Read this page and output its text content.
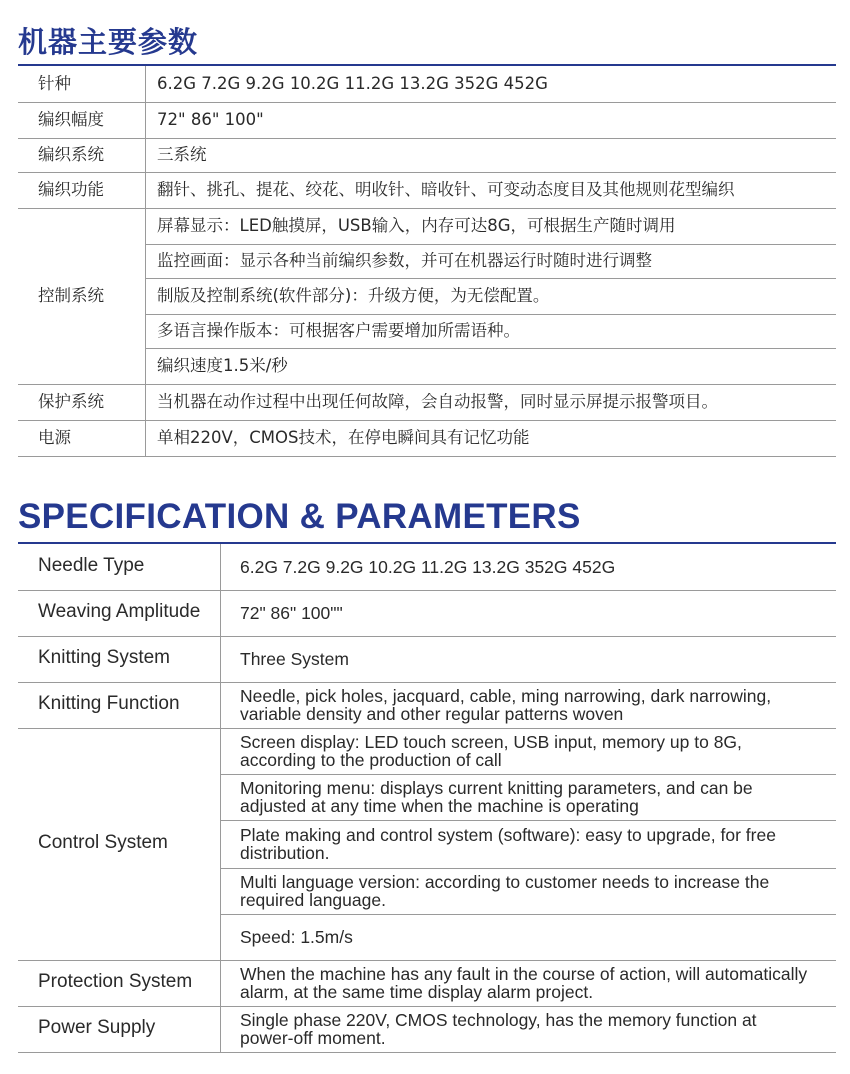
机器主要参数

针种	6.2G 7.2G 9.2G 10.2G 11.2G 13.2G 352G 452G

编织幅度	72" 86" 100"

编织系统	三系统

编织功能	翻针、挑孔、提花、绞花、明收针、暗收针、可变动态度目及其他规则花型编织

控制系统

屏幕显示：LED触摸屏，USB输入，内存可达8G，可根据生产随时调用

监控画面：显示各种当前编织参数，并可在机器运行时随时进行调整

制版及控制系统(软件部分)：升级方便，为无偿配置。

多语言操作版本：可根据客户需要增加所需语种。

编织速度1.5米/秒

保护系统	当机器在动作过程中出现任何故障，会自动报警，同时显示屏提示报警项目。

电源	单相220V，CMOS技术，在停电瞬间具有记忆功能

SPECIFICATION & PARAMETERS

Needle Type	6.2G 7.2G 9.2G 10.2G 11.2G 13.2G 352G 452G

Weaving Amplitude 72" 86" 100""

Knitting System	Three System

Knitting Function	Needle, pick holes, jacquard, cable, ming narrowing, dark narrowing,

variable density and other regular patterns woven

Control System

Screen display: LED touch screen, USB input, memory up to 8G,

according to the production of call

Monitoring menu: displays current knitting parameters, and can be

adjusted at any time when the machine is operating

Plate making and control system (software): easy to upgrade, for free

distribution.

Multi language version: according to customer needs to increase the

required language.

Speed: 1.5m/s

Protection System	When the machine has any fault in the course of action, will automatically

alarm, at the same time display alarm project.

Power Supply	Single phase 220V, CMOS technology, has the memory function at

power-off moment.
